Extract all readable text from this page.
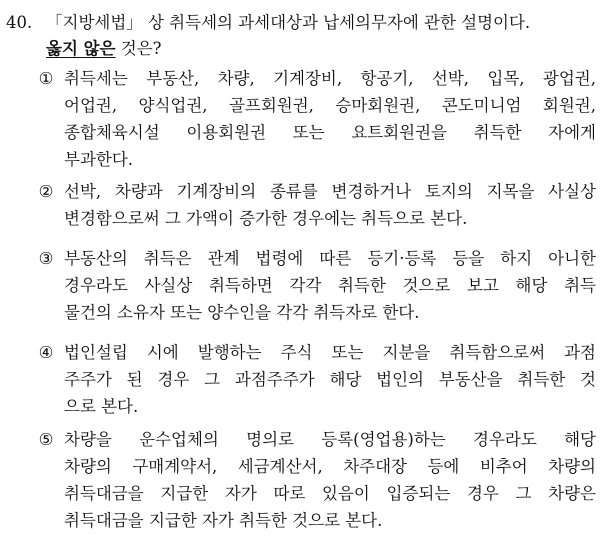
40. 「지방세법」 상 취득세의 과세대상과 납세의무자에 관한 설명이다.
옳지 않은 것은?
① 취득세는 부동산, 차량, 기계장비, 항공기, 선박, 입목, 광업권,
어업권, 양식업권, 골프회원권, 승마회원권, 콘도미니엄 회원권,
종합체육시설 이용회원권 또는 요트회원권을 취득한 자에게
부과한다.
② 선박, 차량과 기계장비의 종류를 변경하거나 토지의 지목을 사실상
변경함으로써 그 가액이 증가한 경우에는 취득으로 본다.
③ 부동산의 취득은 관계 법령에 따른 등기·등록 등을 하지 아니한
경우라도 사실상 취득하면 각각 취득한 것으로 보고 해당 취득
물건의 소유자 또는 양수인을 각각 취득자로 한다.
④ 법인설립 시에 발행하는 주식 또는 지분을 취득함으로써 과점
주주가 된 경우 그 과점주주가 해당 법인의 부동산을 취득한 것
으로 본다.
⑤ 차량을 운수업체의 명의로 등록(영업용)하는 경우라도 해당
차량의 구매계약서, 세금계산서, 차주대장 등에 비추어 차량의
취득대금을 지급한 자가 따로 있음이 입증되는 경우 그 차량은
취득대금을 지급한 자가 취득한 것으로 본다.
